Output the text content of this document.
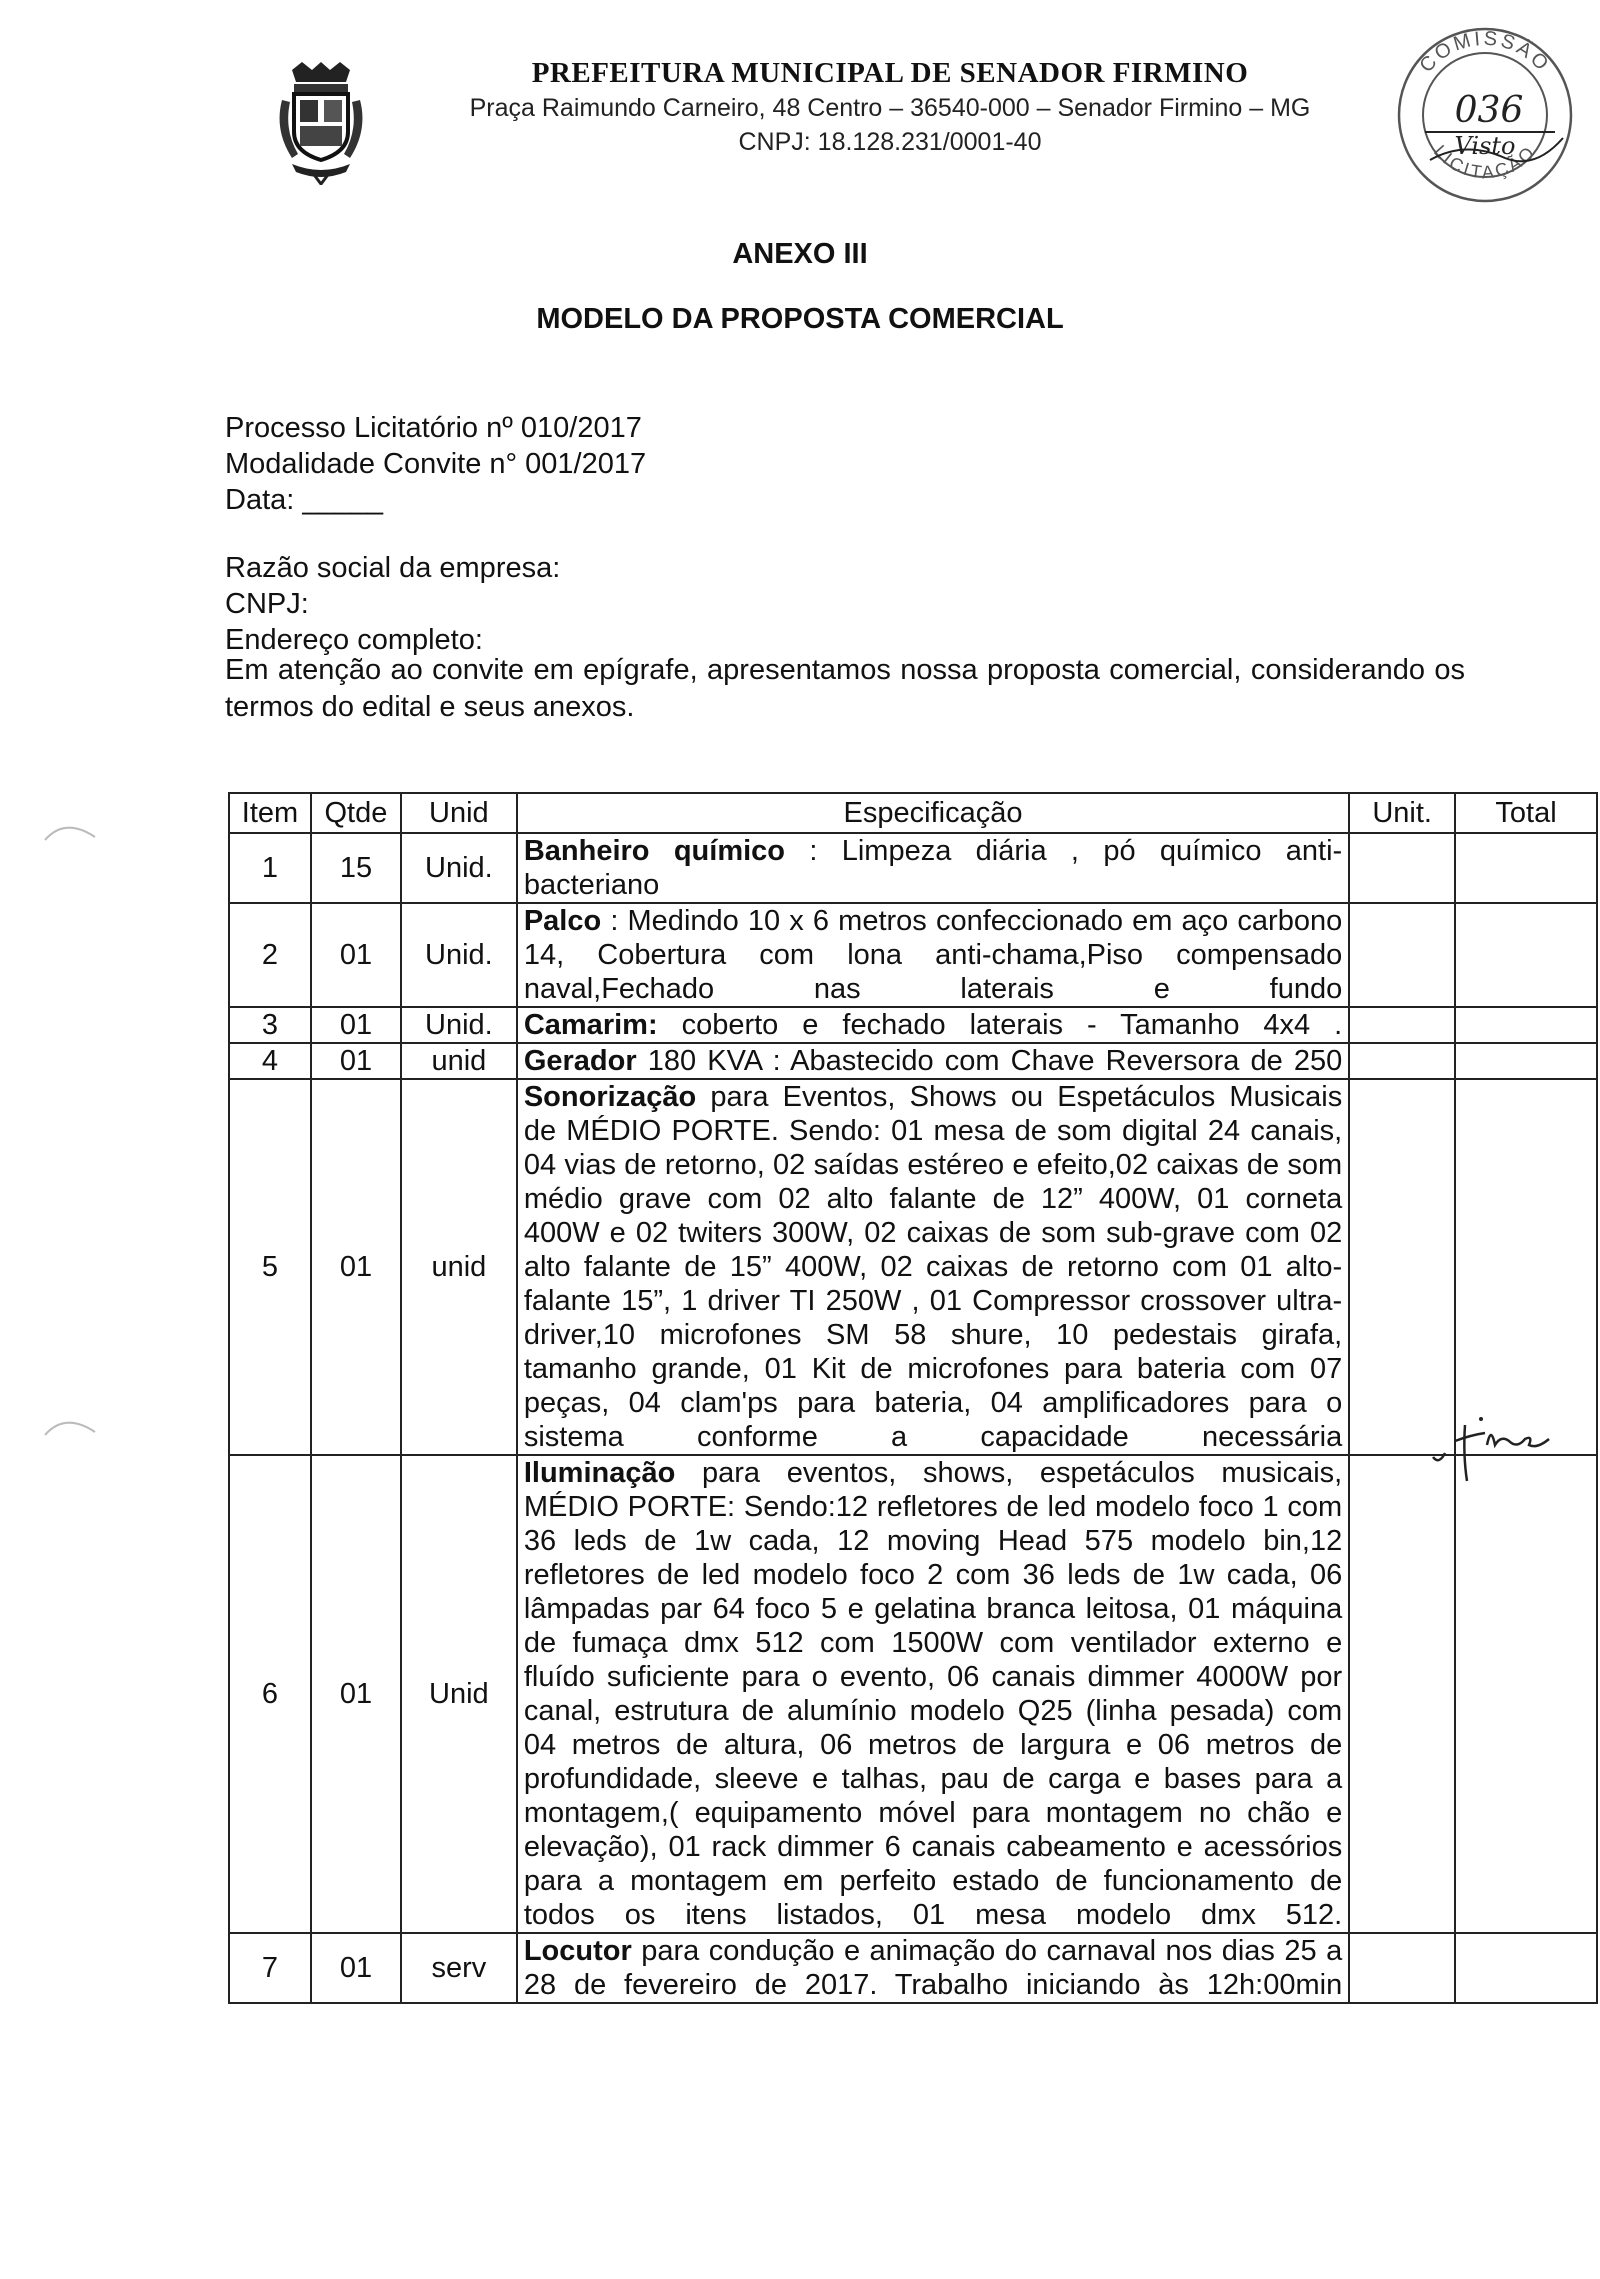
PREFEITURA MUNICIPAL DE SENADOR FIRMINO
Praça Raimundo Carneiro, 48 Centro – 36540-000 – Senador Firmino – MG
CNPJ: 18.128.231/0001-40
COMISSÃO
LICITAÇÃO
036
Visto
ANEXO III
MODELO DA PROPOSTA COMERCIAL
Processo Licitatório nº 010/2017
Modalidade Convite n° 001/2017
Data: _____
Razão social da empresa:
CNPJ:
Endereço completo:
Em atenção ao convite em epígrafe, apresentamos nossa proposta comercial, considerando os termos do edital e seus anexos.
Item	Qtde	Unid	Especificação	Unit.	Total
1	15	Unid.	Banheiro químico : Limpeza diária , pó químico anti-bacteriano		

2	01	Unid.	Palco : Medindo 10 x 6 metros confeccionado em aço carbono 14, Cobertura com lona anti-chama,Piso compensado naval,Fechado nas laterais e fundo		

3	01	Unid.	Camarim: coberto e fechado laterais - Tamanho 4x4 .		

4	01	unid	Gerador 180 KVA : Abastecido com Chave Reversora de 250		

5	01	unid	Sonorização para Eventos, Shows ou Espetáculos Musicais de MÉDIO PORTE. Sendo: 01 mesa de som digital 24 canais, 04 vias de retorno, 02 saídas estéreo e efeito,02 caixas de som médio grave com 02 alto falante de 12” 400W, 01 corneta 400W e 02 twiters 300W, 02 caixas de som sub-grave com 02 alto falante de 15” 400W, 02 caixas de retorno com 01 alto-falante 15”, 1 driver TI 250W , 01 Compressor crossover ultra-driver,10 microfones SM 58 shure, 10 pedestais girafa, tamanho grande, 01 Kit de microfones para bateria com 07 peças, 04 clam'ps para bateria, 04 amplificadores para o sistema conforme a capacidade necessária		

6	01	Unid	Iluminação para eventos, shows, espetáculos musicais, MÉDIO PORTE: Sendo:12 refletores de led modelo foco 1 com 36 leds de 1w cada, 12 moving Head 575 modelo bin,12 refletores de led modelo foco 2 com 36 leds de 1w cada, 06 lâmpadas par 64 foco 5 e gelatina branca leitosa, 01 máquina de fumaça dmx 512 com 1500W com ventilador externo e fluído suficiente para o evento, 06 canais dimmer 4000W por canal, estrutura de alumínio modelo Q25 (linha pesada) com 04 metros de altura, 06 metros de largura e 06 metros de profundidade, sleeve e talhas, pau de carga e bases para a montagem,( equipamento móvel para montagem no chão e elevação), 01 rack dimmer 6 canais cabeamento e acessórios para a montagem em perfeito estado de funcionamento de todos os itens listados, 01 mesa modelo dmx 512.		

7	01	serv	Locutor para condução e animação do carnaval nos dias 25 a 28 de fevereiro de 2017. Trabalho iniciando às 12h:00min		
